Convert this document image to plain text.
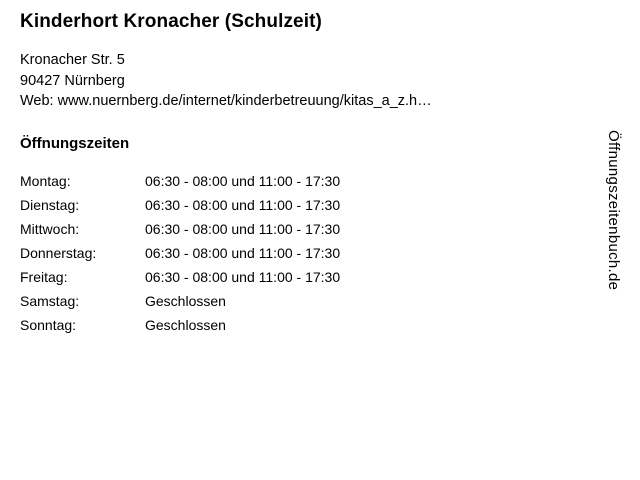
Kinderhort Kronacher (Schulzeit)
Kronacher Str. 5
90427 Nürnberg
Web: www.nuernberg.de/internet/kinderbetreuung/kitas_a_z.h…
Öffnungszeiten
Montag:	06:30 - 08:00 und 11:00 - 17:30
Dienstag:	06:30 - 08:00 und 11:00 - 17:30
Mittwoch:	06:30 - 08:00 und 11:00 - 17:30
Donnerstag:	06:30 - 08:00 und 11:00 - 17:30
Freitag:	06:30 - 08:00 und 11:00 - 17:30
Samstag:	Geschlossen
Sonntag:	Geschlossen
Öffnungszeitenbuch.de
